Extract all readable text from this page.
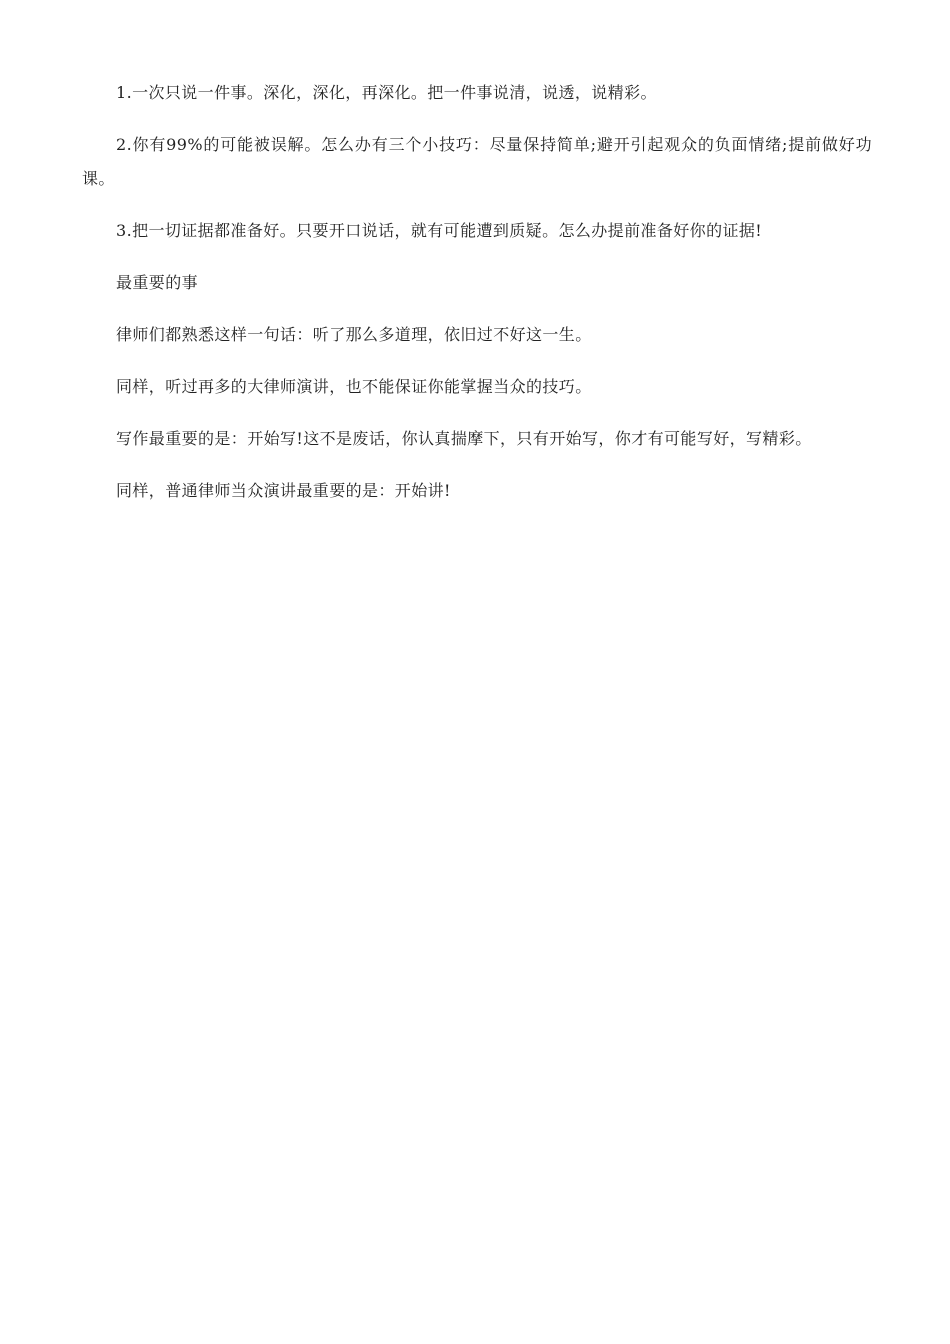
1.一次只说一件事。深化，深化，再深化。把一件事说清，说透，说精彩。

2.你有99%的可能被误解。怎么办有三个小技巧：尽量保持简单;避开引起观众的负面情绪;提前做好功课。

3.把一切证据都准备好。只要开口说话，就有可能遭到质疑。怎么办提前准备好你的证据!

最重要的事

律师们都熟悉这样一句话：听了那么多道理，依旧过不好这一生。

同样，听过再多的大律师演讲，也不能保证你能掌握当众的技巧。

写作最重要的是：开始写!这不是废话，你认真揣摩下，只有开始写，你才有可能写好，写精彩。

同样，普通律师当众演讲最重要的是：开始讲!
